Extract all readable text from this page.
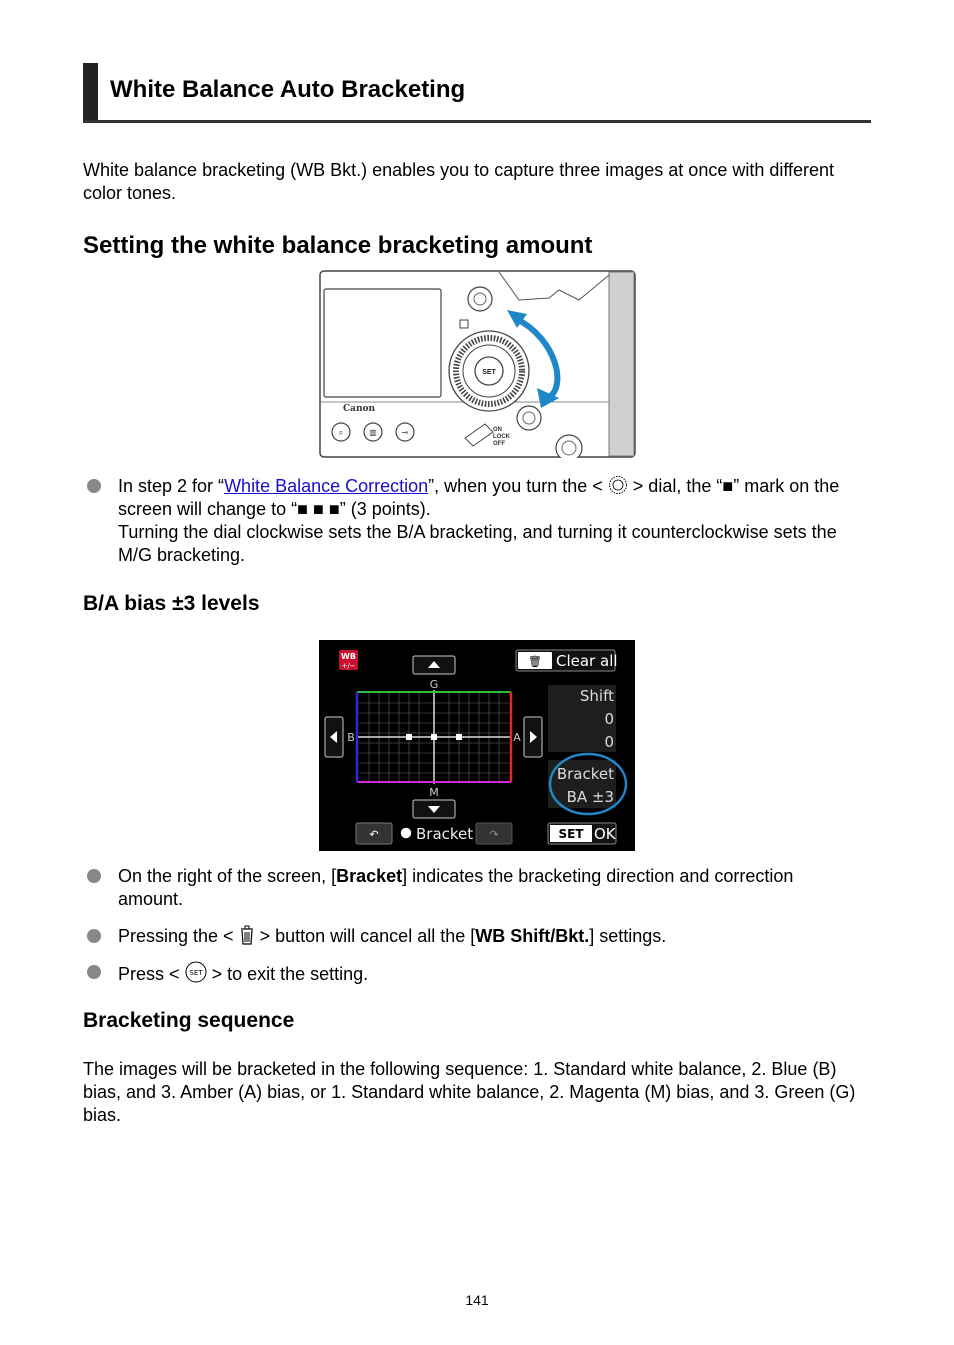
White Balance Auto Bracketing

White balance bracketing (WB Bkt.) enables you to capture three images at once with different color tones.

Setting the white balance bracketing amount
Canon
SET
⌕	▥	⊸	ON
LOCK
OFF
In step 2 for “White Balance Correction”, when you turn the < > dial, the “■” mark on the screen will change to “■ ■ ■” (3 points).
Turning the dial clockwise sets the B/A bracketing, and turning it counterclockwise sets the M/G bracketing.
B/A bias ±3 levels
WB
+/−	🗑 Clear all
G
B	A
M
Shift
0
0
Bracket
BA ±3
↶ Bracket ↷	SET OK
On the right of the screen, [Bracket] indicates the bracketing direction and correction amount.
Pressing the < > button will cancel all the [WB Shift/Bkt.] settings.
Press < SET > to exit the setting.
Bracketing sequence

The images will be bracketed in the following sequence: 1. Standard white balance, 2. Blue (B) bias, and 3. Amber (A) bias, or 1. Standard white balance, 2. Magenta (M) bias, and 3. Green (G) bias.

141
